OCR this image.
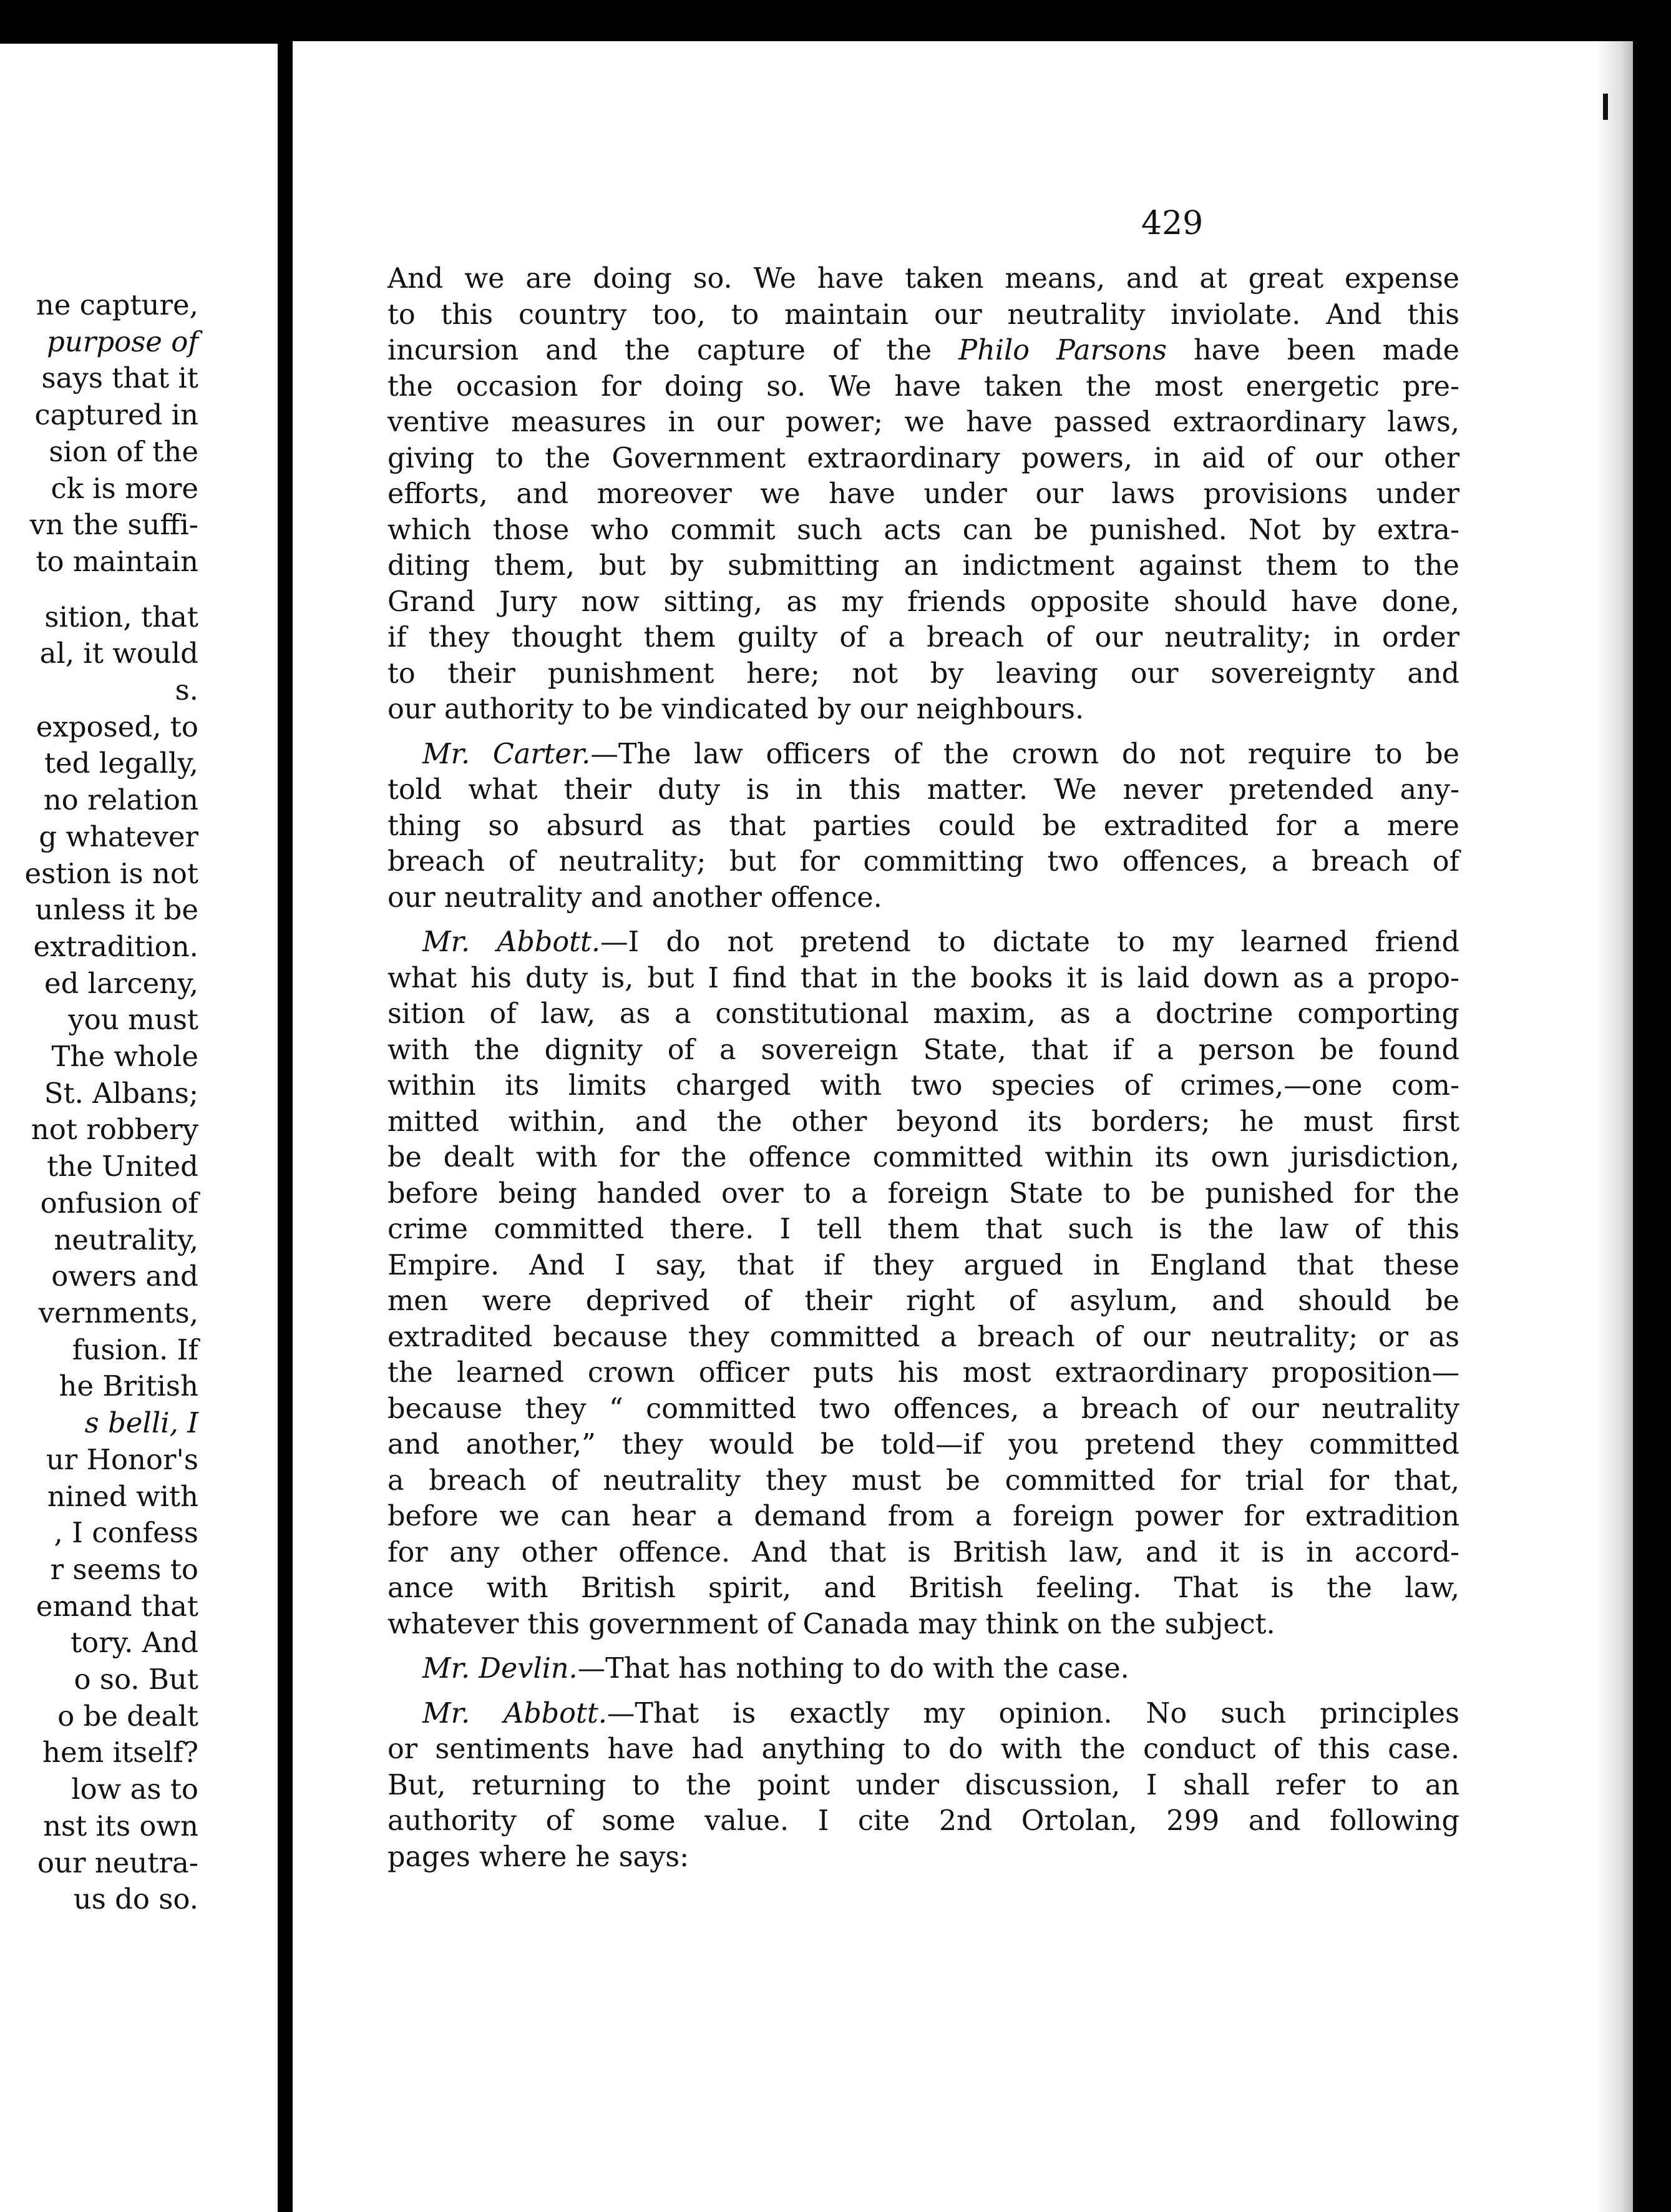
ne capture,
purpose of
says that it
captured in
sion of the
ck is more
vn the suffi-
to maintain
sition, that
al, it would
s.
exposed, to
ted legally,
no relation
g whatever
estion is not
unless it be
extradition.
ed larceny,
you must
The whole
St. Albans;
not robbery
the United
onfusion of
neutrality,
owers and
vernments,
fusion. If
he British
s belli, I
ur Honor's
nined with
, I confess
r seems to
emand that
tory. And
o so. But
o be dealt
hem itself?
low as to
nst its own
our neutra-
us do so.
429
And we are doing so. We have taken means, and at great expense
to this country too, to maintain our neutrality inviolate. And this
incursion and the capture of the Philo Parsons have been made
the occasion for doing so. We have taken the most energetic pre-
ventive measures in our power; we have passed extraordinary laws,
giving to the Government extraordinary powers, in aid of our other
efforts, and moreover we have under our laws provisions under
which those who commit such acts can be punished. Not by extra-
diting them, but by submitting an indictment against them to the
Grand Jury now sitting, as my friends opposite should have done,
if they thought them guilty of a breach of our neutrality; in order
to their punishment here; not by leaving our sovereignty and
our authority to be vindicated by our neighbours.
Mr. Carter.—The law officers of the crown do not require to be
told what their duty is in this matter. We never pretended any-
thing so absurd as that parties could be extradited for a mere
breach of neutrality; but for committing two offences, a breach of
our neutrality and another offence.
Mr. Abbott.—I do not pretend to dictate to my learned friend
what his duty is, but I find that in the books it is laid down as a propo-
sition of law, as a constitutional maxim, as a doctrine comporting
with the dignity of a sovereign State, that if a person be found
within its limits charged with two species of crimes,—one com-
mitted within, and the other beyond its borders; he must first
be dealt with for the offence committed within its own jurisdiction,
before being handed over to a foreign State to be punished for the
crime committed there. I tell them that such is the law of this
Empire. And I say, that if they argued in England that these
men were deprived of their right of asylum, and should be
extradited because they committed a breach of our neutrality; or as
the learned crown officer puts his most extraordinary proposition—
because they “ committed two offences, a breach of our neutrality
and another,” they would be told—if you pretend they committed
a breach of neutrality they must be committed for trial for that,
before we can hear a demand from a foreign power for extradition
for any other offence. And that is British law, and it is in accord-
ance with British spirit, and British feeling. That is the law,
whatever this government of Canada may think on the subject.
Mr. Devlin.—That has nothing to do with the case.
Mr. Abbott.—That is exactly my opinion. No such principles
or sentiments have had anything to do with the conduct of this case.
But, returning to the point under discussion, I shall refer to an
authority of some value. I cite 2nd Ortolan, 299 and following
pages where he says:
